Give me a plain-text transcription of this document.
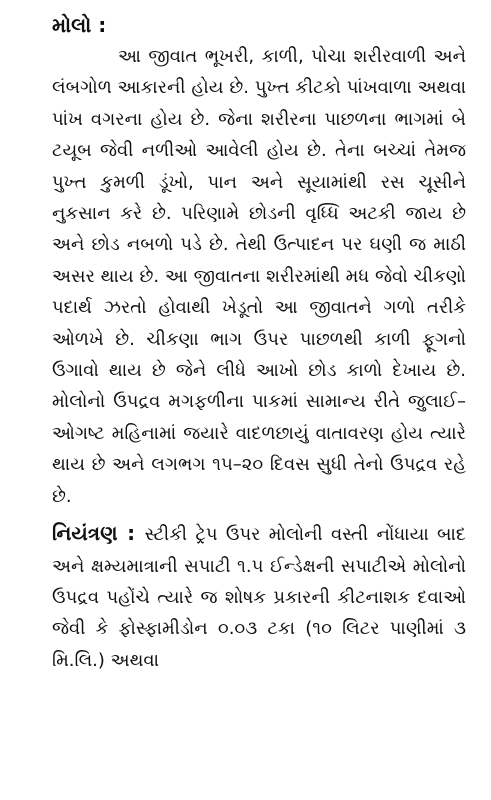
મોલો :

આ જીવાત ભૂખરી, કાળી, પોચા શરીરવાળી અને લંબગોળ આકારની હોય છે. પુખ્ત કીટકો પાંખવાળા અથવા પાંખ વગરના હોય છે. જેના શરીરના પાછળના ભાગમાં બે ટયૂબ જેવી નળીઓ આવેલી હોય છે. તેના બચ્ચાં તેમજ પુખ્ત કુમળી ડૂંખો, પાન અને સૂયામાંથી રસ ચૂસીને નુકસાન કરે છે. પરિણામે છોડની વૃધ્ધિ અટકી જાય છે અને છોડ નબળો પડે છે. તેથી ઉત્પાદન પર ઘણી જ માઠી અસર થાય છે. આ જીવાતના શરીરમાંથી મધ જેવો ચીકણો પદાર્થ ઝરતો હોવાથી ખેડૂતો આ જીવાતને ગળો તરીકે ઓળખે છે. ચીકણા ભાગ ઉપર પાછળથી કાળી ફૂગનો ઉગાવો થાય છે જેને લીધે આખો છોડ કાળો દેખાય છે. મોલોનો ઉપદ્રવ મગફળીના પાકમાં સામાન્ય રીતે જુલાઈ–ઓગષ્ટ મહિનામાં જયારે વાદળછાયું વાતાવરણ હોય ત્યારે થાય છે અને લગભગ ૧૫–૨૦ દિવસ સુધી તેનો ઉપદ્રવ રહે છે.

નિયંત્રણ : સ્ટીકી ટ્રેપ ઉપર મોલોની વસ્તી નોંધાયા બાદ અને ક્ષમ્યમાત્રાની સપાટી ૧.૫ ઈન્ડેક્ષની સપાટીએ મોલોનો ઉપદ્રવ પહોંચે ત્યારે જ શોષક પ્રકારની કીટનાશક દવાઓ જેવી કે ફોસ્ફામીડોન ૦.૦૩ ટકા (૧૦ લિટર પાણીમાં ૩ મિ.લિ.) અથવા
